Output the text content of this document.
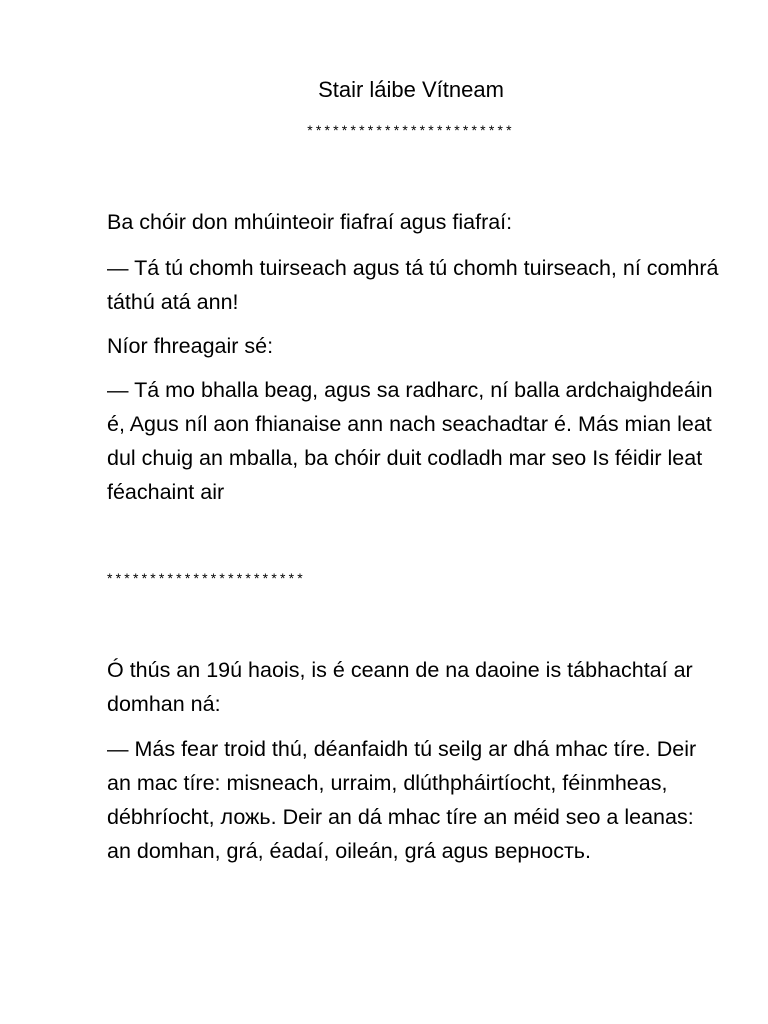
Stair láibe Vítneam
************************

Ba chóir don mhúinteoir fiafraí agus fiafraí:

— Tá tú chomh tuirseach agus tá tú chomh tuirseach, ní comhrá táthú atá ann!

Níor fhreagair sé:

— Tá mo bhalla beag, agus sa radharc, ní balla ardchaighdeáin é, Agus níl aon fhianaise ann nach seachadtar é. Más mian leat dul chuig an mballa, ba chóir duit codladh mar seo Is féidir leat féachaint air

***********************

Ó thús an 19ú haois, is é ceann de na daoine is tábhachtaí ar domhan ná:

— Más fear troid thú, déanfaidh tú seilg ar dhá mhac tíre. Deir an mac tíre: misneach, urraim, dlúthpháirtíocht, féinmheas, débhríocht, ложь. Deir an dá mhac tíre an méid seo a leanas: an domhan, grá, éadaí, oileán, grá agus верность.
